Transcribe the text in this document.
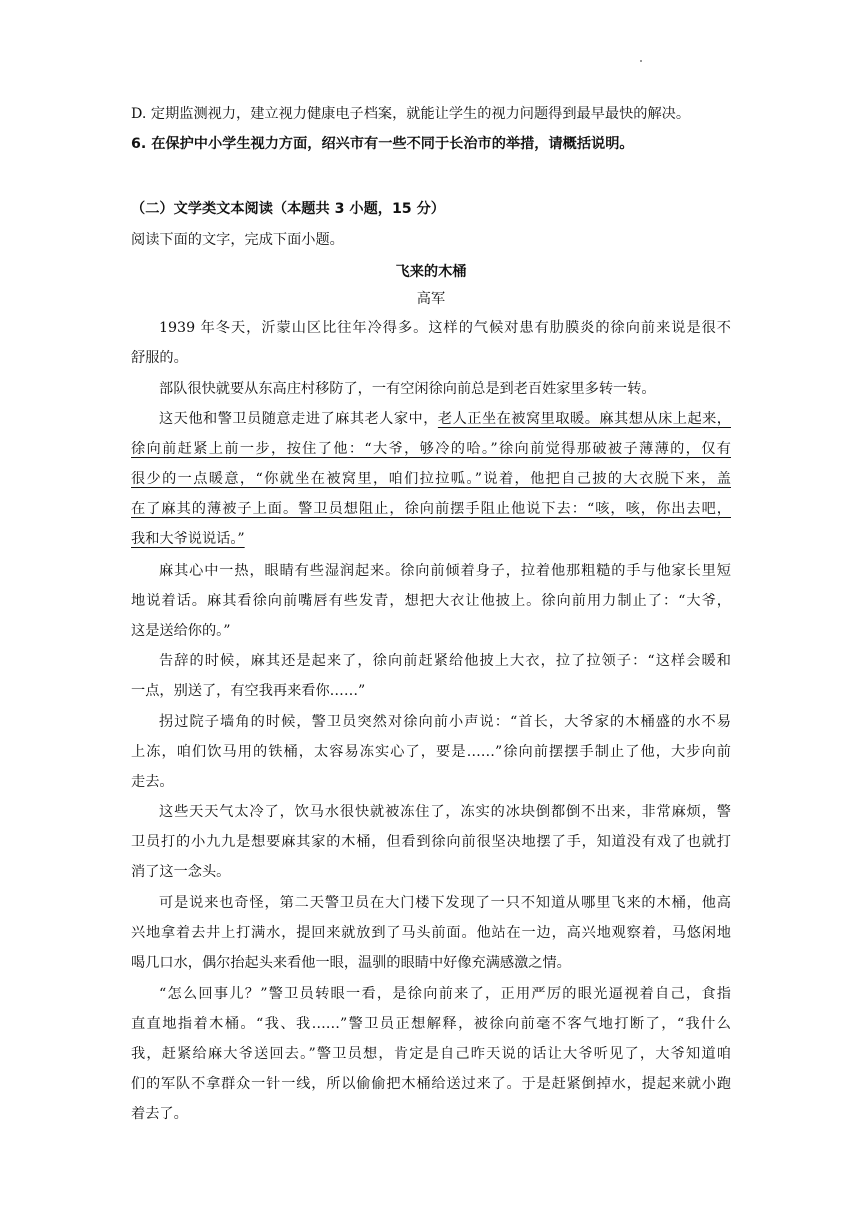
D. 定期监测视力，建立视力健康电子档案，就能让学生的视力问题得到最早最快的解决。
6. 在保护中小学生视力方面，绍兴市有一些不同于长治市的举措，请概括说明。
（二）文学类文本阅读（本题共 3 小题，15 分）
阅读下面的文字，完成下面小题。
飞来的木桶
高军
1939 年冬天，沂蒙山区比往年冷得多。这样的气候对患有肋膜炎的徐向前来说是很不
舒服的。
部队很快就要从东高庄村移防了，一有空闲徐向前总是到老百姓家里多转一转。
这天他和警卫员随意走进了麻其老人家中，老人正坐在被窝里取暖。麻其想从床上起来，
徐向前赶紧上前一步，按住了他：“大爷，够冷的哈。”徐向前觉得那破被子薄薄的，仅有
很少的一点暖意，“你就坐在被窝里，咱们拉拉呱。”说着，他把自己披的大衣脱下来，盖
在了麻其的薄被子上面。警卫员想阻止，徐向前摆手阻止他说下去：“咳，咳，你出去吧，
我和大爷说说话。”
麻其心中一热，眼睛有些湿润起来。徐向前倾着身子，拉着他那粗糙的手与他家长里短
地说着话。麻其看徐向前嘴唇有些发青，想把大衣让他披上。徐向前用力制止了：“大爷，
这是送给你的。”
告辞的时候，麻其还是起来了，徐向前赶紧给他披上大衣，拉了拉领子：“这样会暖和
一点，别送了，有空我再来看你……”
拐过院子墙角的时候，警卫员突然对徐向前小声说：“首长，大爷家的木桶盛的水不易
上冻，咱们饮马用的铁桶，太容易冻实心了，要是……”徐向前摆摆手制止了他，大步向前
走去。
这些天天气太冷了，饮马水很快就被冻住了，冻实的冰块倒都倒不出来，非常麻烦，警
卫员打的小九九是想要麻其家的木桶，但看到徐向前很坚决地摆了手，知道没有戏了也就打
消了这一念头。
可是说来也奇怪，第二天警卫员在大门楼下发现了一只不知道从哪里飞来的木桶，他高
兴地拿着去井上打满水，提回来就放到了马头前面。他站在一边，高兴地观察着，马悠闲地
喝几口水，偶尔抬起头来看他一眼，温驯的眼睛中好像充满感激之情。
“怎么回事儿？”警卫员转眼一看，是徐向前来了，正用严厉的眼光逼视着自己，食指
直直地指着木桶。“我、我……”警卫员正想解释，被徐向前毫不客气地打断了，“我什么
我，赶紧给麻大爷送回去。”警卫员想，肯定是自己昨天说的话让大爷听见了，大爷知道咱
们的军队不拿群众一针一线，所以偷偷把木桶给送过来了。于是赶紧倒掉水，提起来就小跑
着去了。
